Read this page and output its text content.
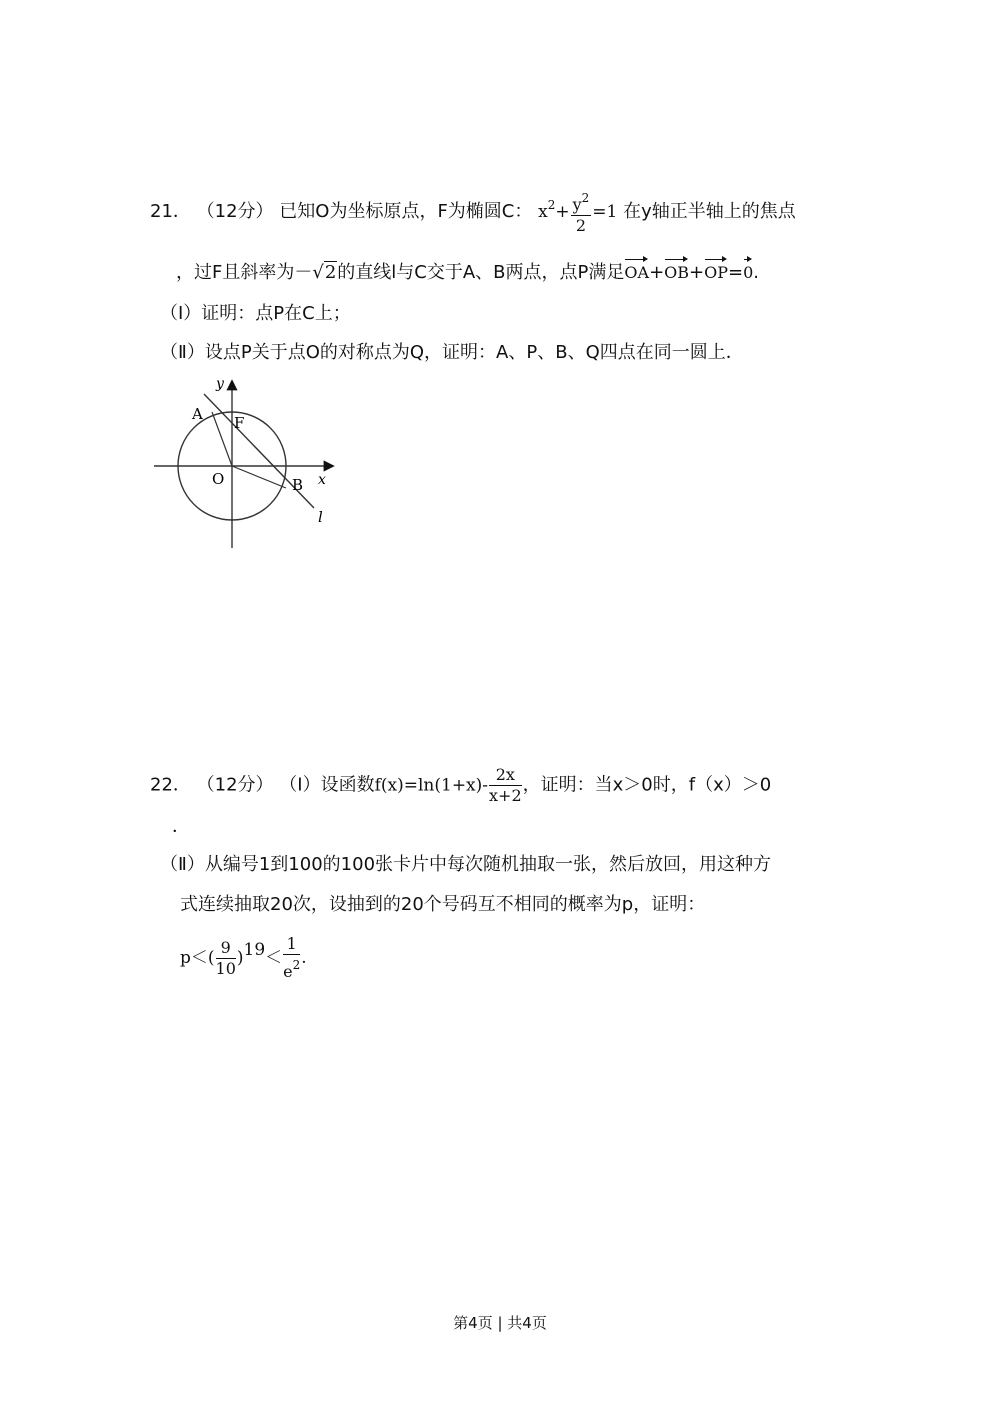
21． （12分） 已知O为坐标原点，F为椭圆C： $x^2+ \frac{y^2}{2} =1$ 在y轴正半轴上的焦点
，过F且斜率为－√2的直线l与C交于A、B两点，点P满足OA+OB+OP=0.
（Ⅰ）证明：点P在C上；
（Ⅱ）设点P关于点O的对称点为Q，证明：A、P、B、Q四点在同一圆上．
y
A F
O	B x
l
22． （12分） （Ⅰ）设函数$f(x)=\ln(1+x)- \frac{2x}{x+2}$ ，证明：当x＞0时，f（x）＞0
．
（Ⅱ）从编号1到100的100张卡片中每次随机抽取一张，然后放回，用这种方
式连续抽取20次，设抽到的20个号码互不相同的概率为p，证明：
$p<( \frac{9}{10} )^{19}< \frac{1}{e^2}$ .
第4页 | 共4页
